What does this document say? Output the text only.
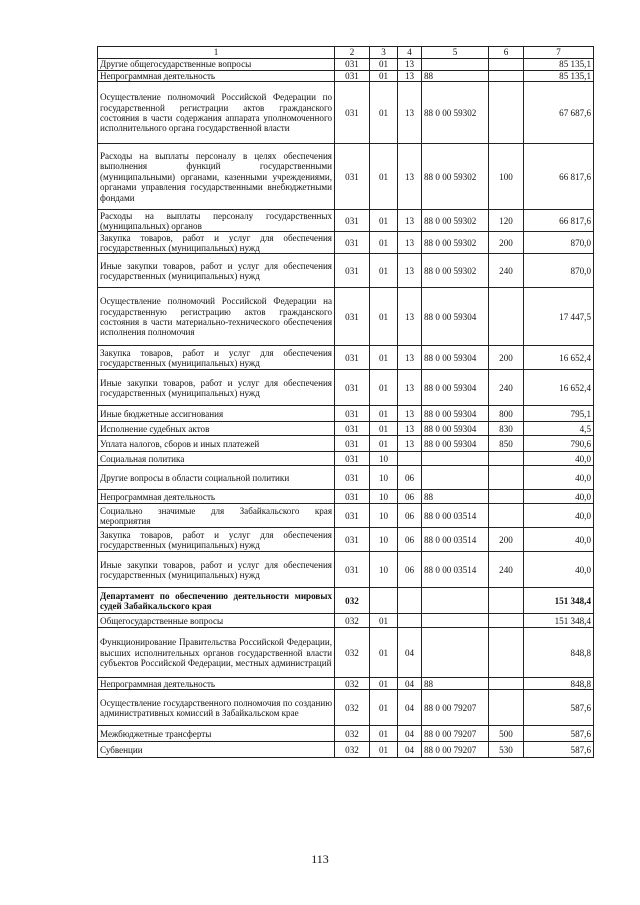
1	2	3	4	5	6	7
Другие общегосударственные вопросы	031	01	13			85 135,1
Непрограммная деятельность	031	01	13	88		85 135,1
Осуществление полномочий Российской Федерации по государственной регистрации актов гражданского состояния в части содержания аппарата уполномоченного исполнительного органа государственной власти	031	01	13	88 0 00 59302		67 687,6
Расходы на выплаты персоналу в целях обеспечения выполнения функций государственными (муниципальными) органами, казенными учреждениями, органами управления государственными внебюджетными фондами	031	01	13	88 0 00 59302	100	66 817,6
Расходы на выплаты персоналу государственных (муниципальных) органов	031	01	13	88 0 00 59302	120	66 817,6
Закупка товаров, работ и услуг для обеспечения государственных (муниципальных) нужд	031	01	13	88 0 00 59302	200	870,0
Иные закупки товаров, работ и услуг для обеспечения государственных (муниципальных) нужд	031	01	13	88 0 00 59302	240	870,0
Осуществление полномочий Российской Федерации на государственную регистрацию актов гражданского состояния в части материально-технического обеспечения исполнения полномочия	031	01	13	88 0 00 59304		17 447,5
Закупка товаров, работ и услуг для обеспечения государственных (муниципальных) нужд	031	01	13	88 0 00 59304	200	16 652,4
Иные закупки товаров, работ и услуг для обеспечения государственных (муниципальных) нужд	031	01	13	88 0 00 59304	240	16 652,4
Иные бюджетные ассигнования	031	01	13	88 0 00 59304	800	795,1
Исполнение судебных актов	031	01	13	88 0 00 59304	830	4,5
Уплата налогов, сборов и иных платежей	031	01	13	88 0 00 59304	850	790,6
Социальная политика	031	10				40,0
Другие вопросы в области социальной политики	031	10	06			40,0
Непрограммная деятельность	031	10	06	88		40,0
Социально значимые для Забайкальского края мероприятия	031	10	06	88 0 00 03514		40,0
Закупка товаров, работ и услуг для обеспечения государственных (муниципальных) нужд	031	10	06	88 0 00 03514	200	40,0
Иные закупки товаров, работ и услуг для обеспечения государственных (муниципальных) нужд	031	10	06	88 0 00 03514	240	40,0
Департамент по обеспечению деятельности мировых судей Забайкальского края	032					151 348,4
Общегосударственные вопросы	032	01				151 348,4
Функционирование Правительства Российской Федерации, высших исполнительных органов государственной власти субъектов Российской Федерации, местных администраций	032	01	04			848,8
Непрограммная деятельность	032	01	04	88		848,8
Осуществление государственного полномочия по созданию административных комиссий в Забайкальском крае	032	01	04	88 0 00 79207		587,6
Межбюджетные трансферты	032	01	04	88 0 00 79207	500	587,6
Субвенции	032	01	04	88 0 00 79207	530	587,6
113
